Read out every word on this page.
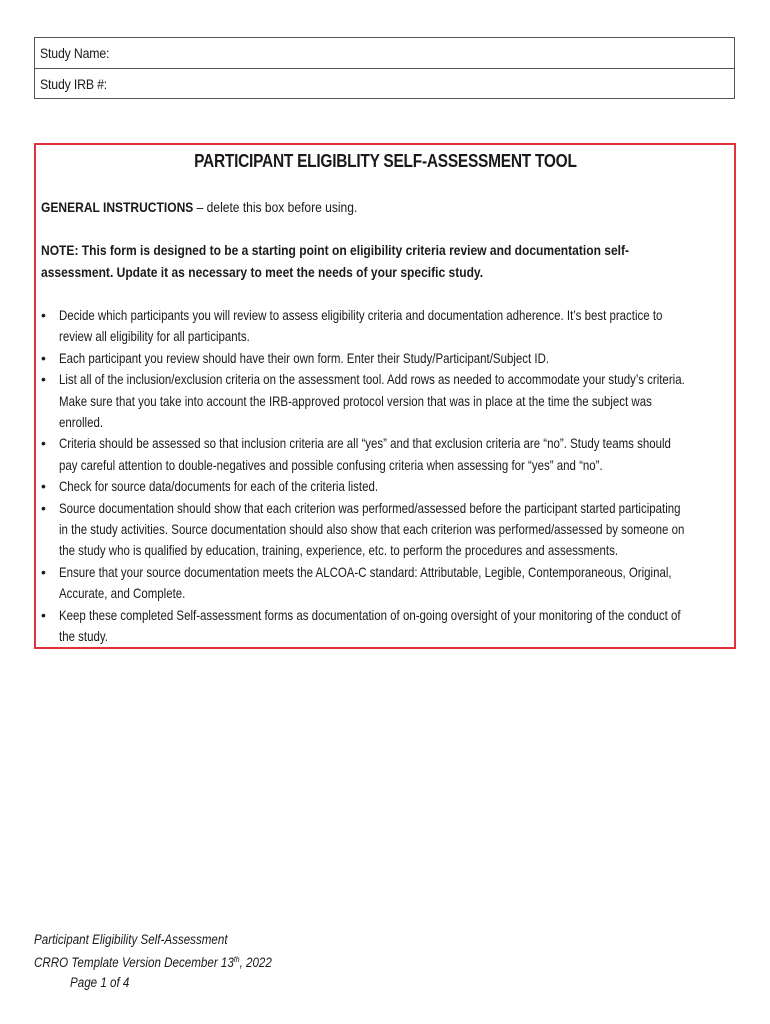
Study Name:
Study IRB #:
PARTICIPANT ELIGIBLITY SELF-ASSESSMENT TOOL
GENERAL INSTRUCTIONS – delete this box before using.
NOTE: This form is designed to be a starting point on eligibility criteria review and documentation self-
assessment. Update it as necessary to meet the needs of your specific study.
• Decide which participants you will review to assess eligibility criteria and documentation adherence. It’s best practice to
review all eligibility for all participants.
• Each participant you review should have their own form. Enter their Study/Participant/Subject ID.
• List all of the inclusion/exclusion criteria on the assessment tool. Add rows as needed to accommodate your study’s criteria.
Make sure that you take into account the IRB-approved protocol version that was in place at the time the subject was
enrolled.
• Criteria should be assessed so that inclusion criteria are all “yes” and that exclusion criteria are “no”. Study teams should
pay careful attention to double-negatives and possible confusing criteria when assessing for “yes” and “no”.
• Check for source data/documents for each of the criteria listed.
• Source documentation should show that each criterion was performed/assessed before the participant started participating
in the study activities. Source documentation should also show that each criterion was performed/assessed by someone on
the study who is qualified by education, training, experience, etc. to perform the procedures and assessments.
• Ensure that your source documentation meets the ALCOA-C standard: Attributable, Legible, Contemporaneous, Original,
Accurate, and Complete.
• Keep these completed Self-assessment forms as documentation of on-going oversight of your monitoring of the conduct of
the study.
Participant Eligibility Self-Assessment
CRRO Template Version December 13th, 2022
Page 1 of 4
